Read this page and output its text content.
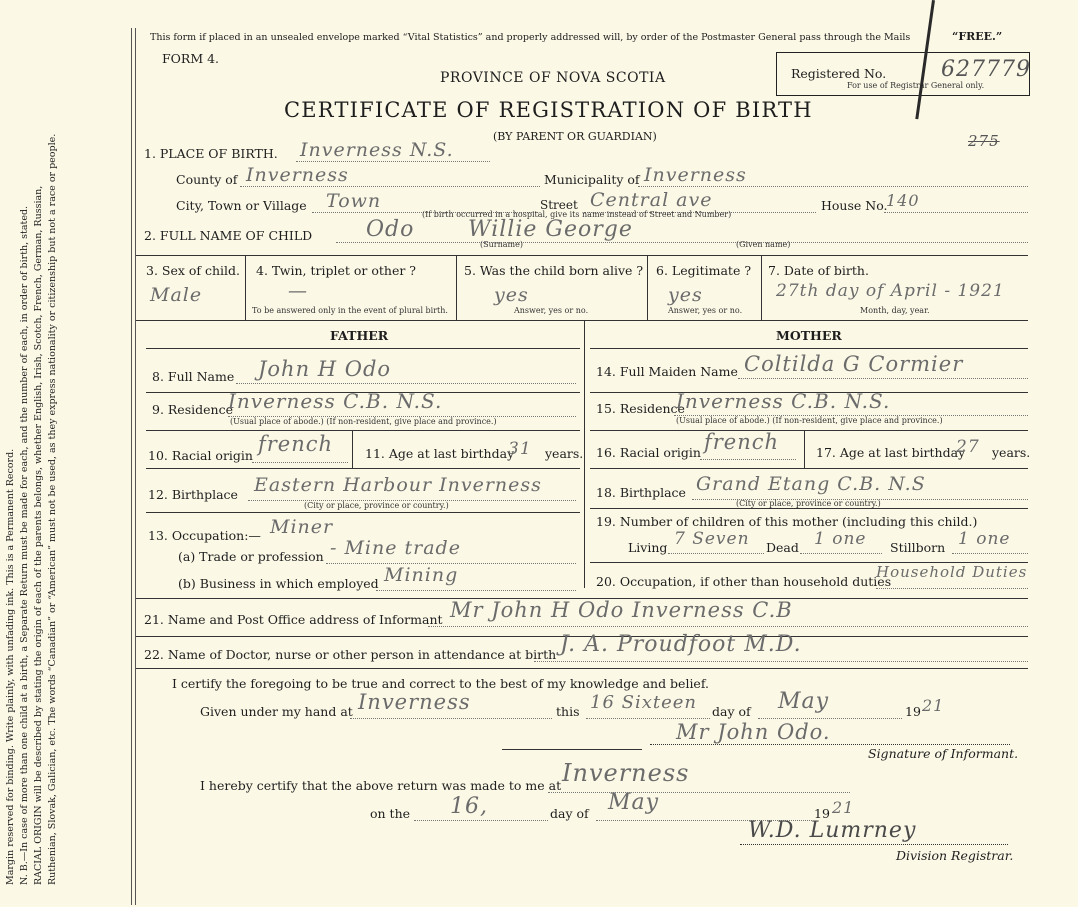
Margin reserved for binding. Write plainly, with unfading ink. This is a Permanent Record. N. B.—In case of more than one child at a birth, a Separate Return must be made for each, and the number of each, in order of birth, stated. RACIAL ORIGIN will be described by stating the origin of each of the parents belongs, whether English, Irish, Scotch, French, German, Russian, Ruthenian, Slovak, Galician, etc. The words “Canadian” or “American” must not be used, as they express nationality or citizenship but not a race or people.
This form if placed in an unsealed envelope marked “Vital Statistics” and properly addressed will, by order of the Postmaster General pass through the Mails	“FREE.”
FORM 4.
PROVINCE OF NOVA SCOTIA
CERTIFICATE OF REGISTRATION OF BIRTH
(BY PARENT OR GUARDIAN)
Registered No.
For use of Registrar General only.
627779
275
1. PLACE OF BIRTH. Inverness N.S.
County of Inverness	Municipality of Inverness
City, Town or Village Town	Street Central ave	House No.
140
(If birth occurred in a hospital, give its name instead of Street and Number)
2. FULL NAME OF CHILD Odo Willie George
(Surname)	(Given name)
3. Sex of child.
Male
4. Twin, triplet or other ?
—
To be answered only in the event of plural birth.
5. Was the child born alive ?
yes
Answer, yes or no.
6. Legitimate ?
yes
Answer, yes or no.
7. Date of birth.
27th day of April - 1921
Month, day, year.
FATHER	MOTHER
8. Full Name John H Odo
9. Residence
Inverness C.B. N.S.
(Usual place of abode.) (If non-resident, give place and province.)
10. Racial origin french	11. Age at last birthday
31 years.
12. Birthplace Eastern Harbour Inverness
(City or place, province or country.)
13. Occupation:— Miner
(a) Trade or profession - Mine trade
(b) Business in which employed Mining
14. Full Maiden Name Coltilda G Cormier
15. Residence
Inverness C.B. N.S.
(Usual place of abode.) (If non-resident, give place and province.)
16. Racial origin french	17. Age at last birthday
27 years.
18. Birthplace Grand Etang C.B. N.S
(City or place, province or country.)
19. Number of children of this mother (including this child.)
Living 7 Seven Dead 1 one Stillborn 1 one
20. Occupation, if other than household duties
Household Duties
21. Name and Post Office address of Informant Mr John H Odo Inverness C.B
22. Name of Doctor, nurse or other person in attendance at birth J. A. Proudfoot M.D.
I certify the foregoing to be true and correct to the best of my knowledge and belief.
Given under my hand at Inverness	this 16 Sixteen day of May	19 21
Mr John Odo.
Signature of Informant.
I hereby certify that the above return was made to me at Inverness
on the 16,	day of May	19 21
W.D. Lumrney
Division Registrar.
